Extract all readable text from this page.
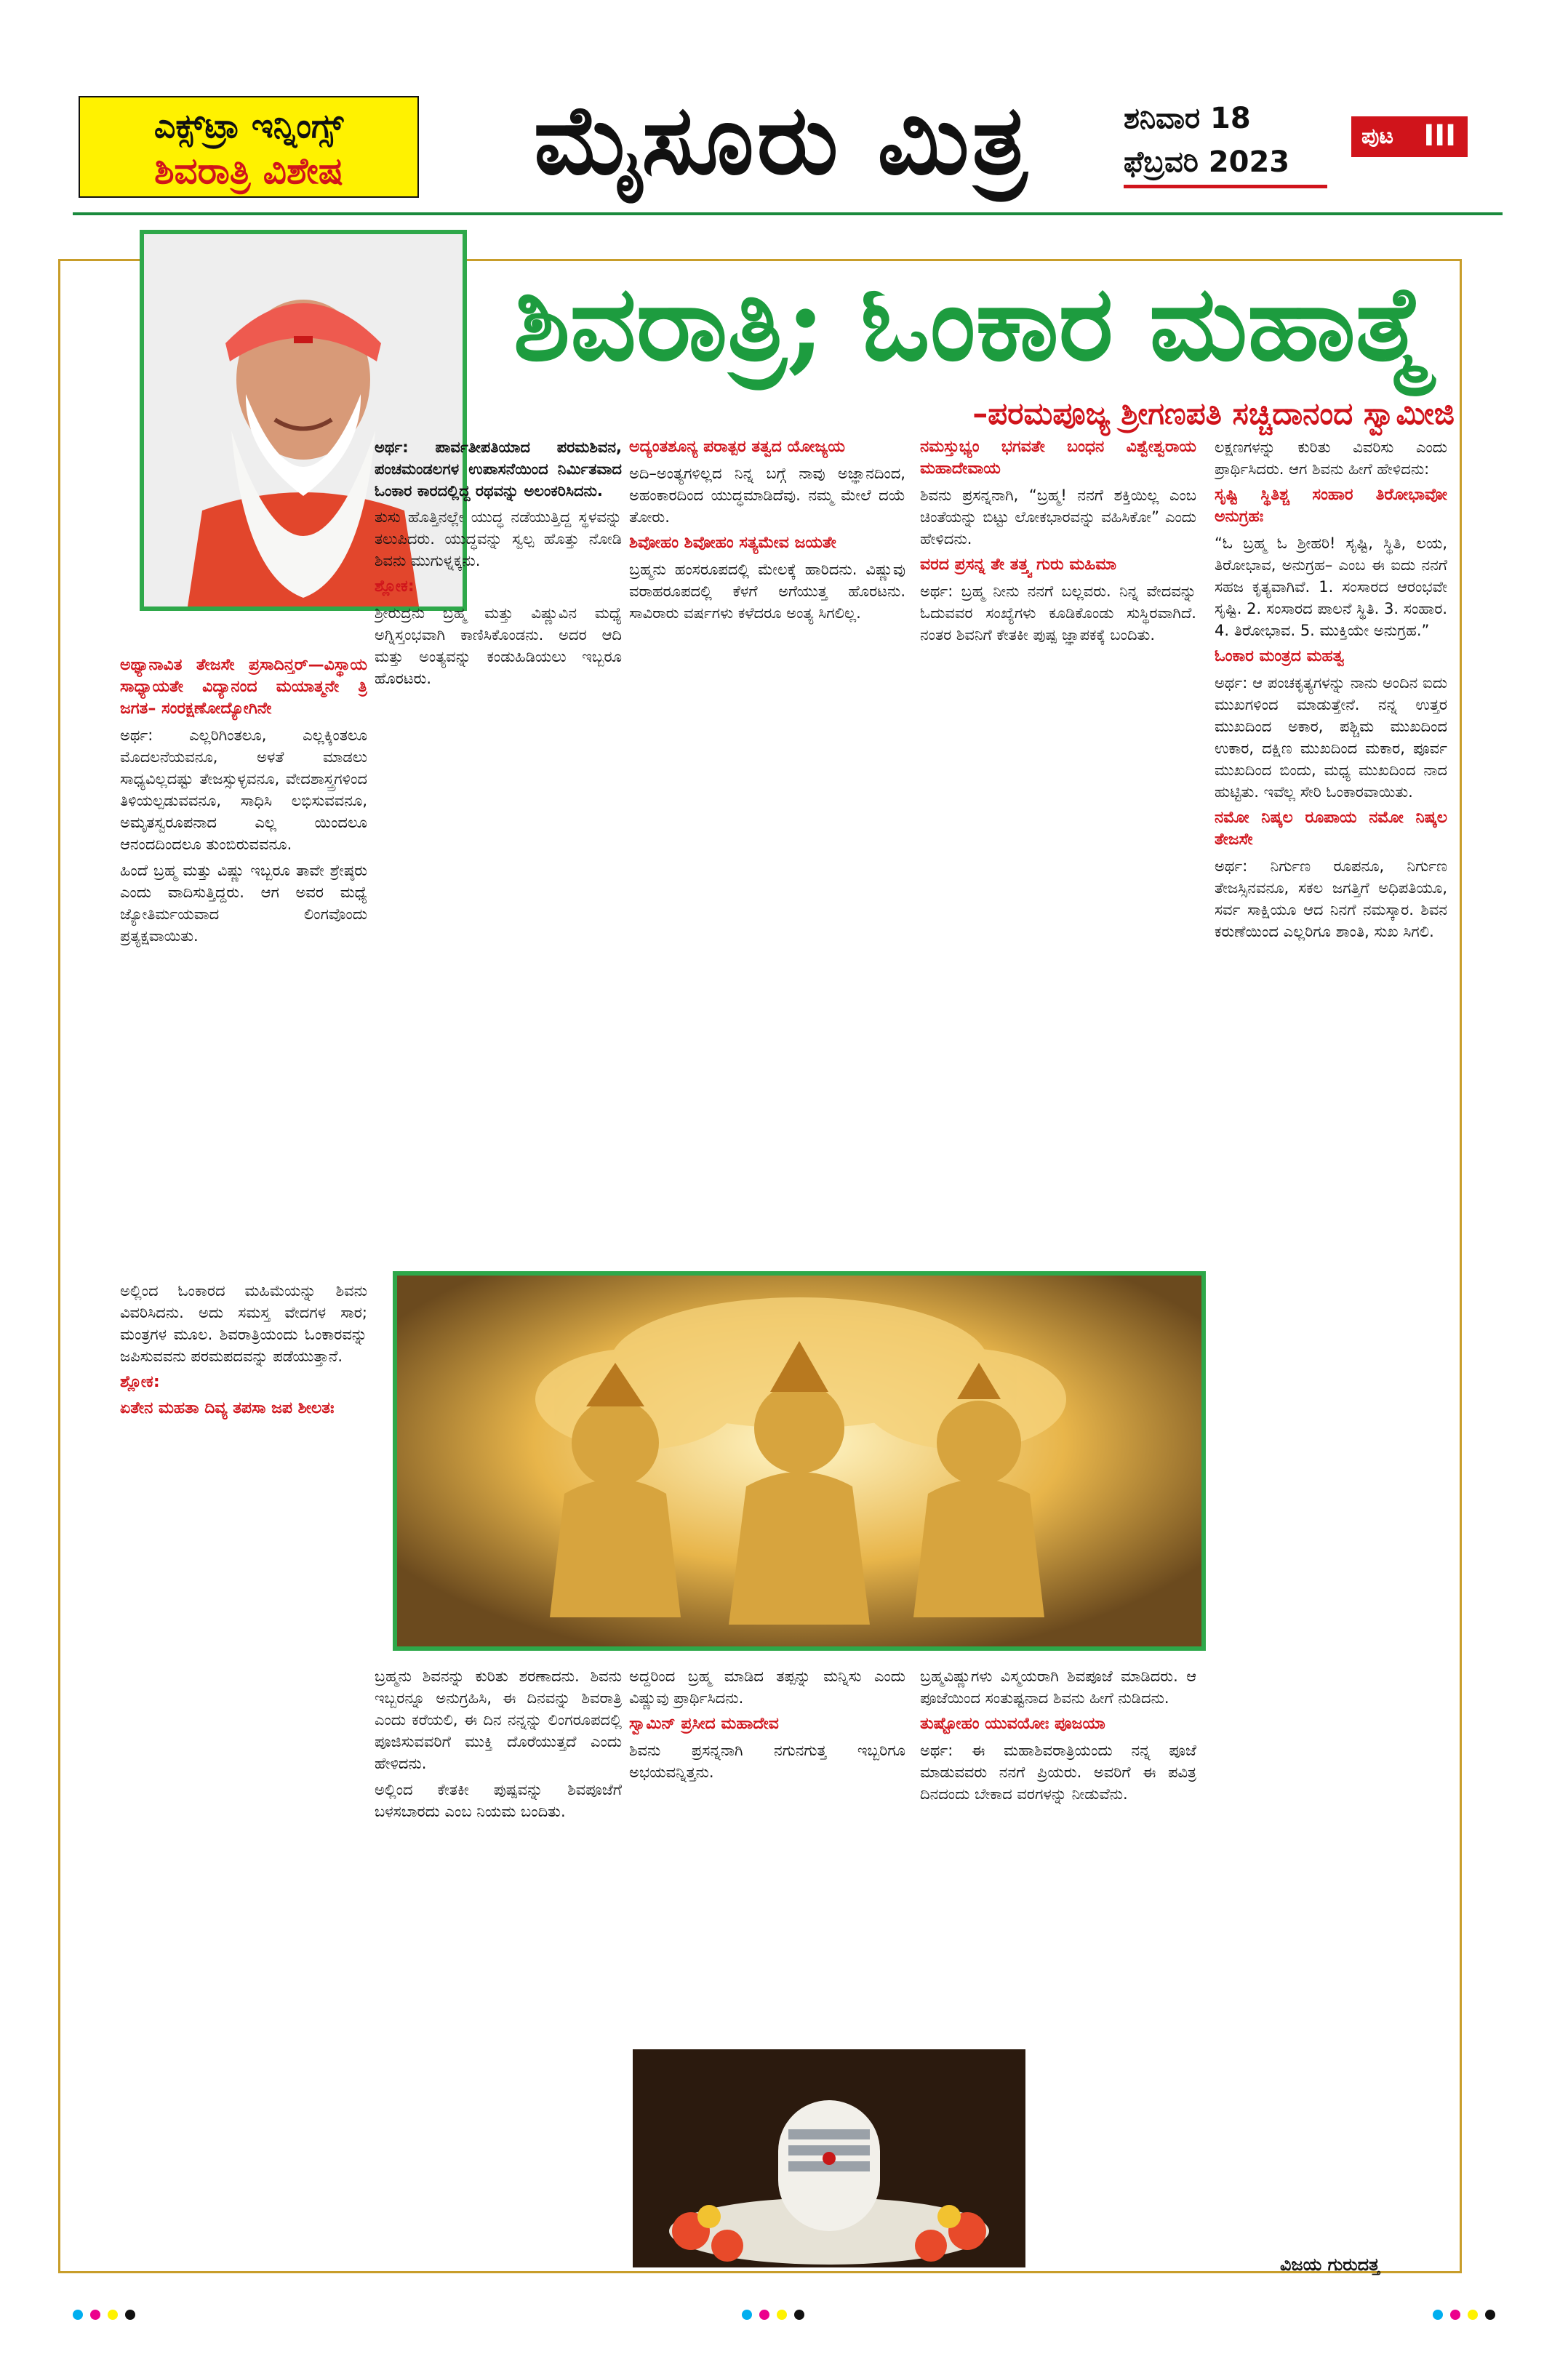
ಎಕ್ಸ್‌ಟ್ರಾ ಇನ್ನಿಂಗ್ಸ್
ಶಿವರಾತ್ರಿ ವಿಶೇಷ	ಮೈಸೂರು ಮಿತ್ರ	ಶನಿವಾರ 18
ಫೆಬ್ರವರಿ 2023
ಪುಟ III
ಶಿವರಾತ್ರಿ; ಓಂಕಾರ ಮಹಾತ್ಮೆ
–ಪರಮಪೂಜ್ಯ ಶ್ರೀಗಣಪತಿ ಸಚ್ಚಿದಾನಂದ ಸ್ವಾಮೀಜಿ

ಅಥ್ಯಾನಾವಿತ ತೇಜಸೇ ಪ್ರಸಾದಿನ್ತರ್—ವಿಸ್ಥಾಯ ಸಾಧ್ಯಾಯತೇ ವಿದ್ಯಾನಂದ ಮಯಾತ್ಮನೇ ತ್ರಿ ಜಗತ– ಸಂರಕ್ಷಣೋದ್ಯೋಗಿನೇ

ಅರ್ಥ: ಎಲ್ಲರಿಗಿಂತಲೂ, ಎಲ್ಲಕ್ಕಿಂತಲೂ ಮೊದಲನೆಯವನೂ, ಅಳತೆ ಮಾಡಲು ಸಾಧ್ಯವಿಲ್ಲದಷ್ಟು ತೇಜಸ್ಸುಳ್ಳವನೂ, ವೇದಶಾಸ್ತ್ರಗಳಿಂದ ತಿಳಿಯಲ್ಪಡುವವನೂ, ಸಾಧಿಸಿ ಲಭಿಸುವವನೂ, ಅಮೃತಸ್ವರೂಪನಾದ ಎಲ್ಲ ಯಿಂದಲೂ ಆನಂದದಿಂದಲೂ ತುಂಬಿರುವವನೂ.

ಹಿಂದೆ ಬ್ರಹ್ಮ ಮತ್ತು ವಿಷ್ಣು ಇಬ್ಬರೂ ತಾವೇ ಶ್ರೇಷ್ಠರು ಎಂದು ವಾದಿಸುತ್ತಿದ್ದರು. ಆಗ ಅವರ ಮಧ್ಯೆ ಜ್ಯೋತಿರ್ಮಯವಾದ ಲಿಂಗವೊಂದು ಪ್ರತ್ಯಕ್ಷವಾಯಿತು.

ಅರ್ಥ: ಪಾರ್ವತೀಪತಿಯಾದ ಪರಮಶಿವನ, ಪಂಚಮಂಡಲಗಳ ಉಪಾಸನೆಯಿಂದ ನಿರ್ಮಿತವಾದ ಓಂಕಾರ ಕಾರದಲ್ಲಿದ್ದ ರಥವನ್ನು ಅಲಂಕರಿಸಿದನು.

ತುಸು ಹೊತ್ತಿನಲ್ಲೇ ಯುದ್ಧ ನಡೆಯುತ್ತಿದ್ದ ಸ್ಥಳವನ್ನು ತಲುಪಿದರು. ಯುದ್ಧವನ್ನು ಸ್ವಲ್ಪ ಹೊತ್ತು ನೋಡಿ ಶಿವನು ಮುಗುಳ್ನಕ್ಕನು.

ಶ್ಲೋಕ:

ಶ್ರೀರುದ್ರನು ಬ್ರಹ್ಮ ಮತ್ತು ವಿಷ್ಣುವಿನ ಮಧ್ಯೆ ಅಗ್ನಿಸ್ತಂಭವಾಗಿ ಕಾಣಿಸಿಕೊಂಡನು. ಅದರ ಆದಿ ಮತ್ತು ಅಂತ್ಯವನ್ನು ಕಂಡುಹಿಡಿಯಲು ಇಬ್ಬರೂ ಹೊರಟರು.

ಅದ್ಯಂತಶೂನ್ಯ ಪರಾತ್ಪರ ತತ್ವದ ಯೋಜ್ಯಯ

ಅದಿ–ಅಂತ್ಯಗಳಿಲ್ಲದ ನಿನ್ನ ಬಗ್ಗೆ ನಾವು ಅಜ್ಞಾನದಿಂದ, ಅಹಂಕಾರದಿಂದ ಯುದ್ಧಮಾಡಿದೆವು. ನಮ್ಮ ಮೇಲೆ ದಯೆ ತೋರು.

ಶಿವೋಹಂ ಶಿವೋಹಂ ಸತ್ಯಮೇವ ಜಯತೇ

ಬ್ರಹ್ಮನು ಹಂಸರೂಪದಲ್ಲಿ ಮೇಲಕ್ಕೆ ಹಾರಿದನು. ವಿಷ್ಣುವು ವರಾಹರೂಪದಲ್ಲಿ ಕೆಳಗೆ ಅಗೆಯುತ್ತ ಹೊರಟನು. ಸಾವಿರಾರು ವರ್ಷಗಳು ಕಳೆದರೂ ಅಂತ್ಯ ಸಿಗಲಿಲ್ಲ.

ನಮಸ್ತುಭ್ಯಂ ಭಗವತೇ ಬಂಧನ ವಿಶ್ವೇಶ್ವರಾಯ ಮಹಾದೇವಾಯ

ಶಿವನು ಪ್ರಸನ್ನನಾಗಿ, “ಬ್ರಹ್ಮ! ನನಗೆ ಶಕ್ತಿಯಿಲ್ಲ ಎಂಬ ಚಿಂತೆಯನ್ನು ಬಿಟ್ಟು ಲೋಕಭಾರವನ್ನು ವಹಿಸಿಕೋ” ಎಂದು ಹೇಳಿದನು.

ವರದ ಪ್ರಸನ್ನ ತೇ ತತ್ತ್ವ ಗುರು ಮಹಿಮಾ

ಅರ್ಥ: ಬ್ರಹ್ಮ ನೀನು ನನಗೆ ಬಲ್ಲವರು. ನಿನ್ನ ವೇದವನ್ನು ಓದುವವರ ಸಂಖ್ಯೆಗಳು ಕೂಡಿಕೊಂಡು ಸುಸ್ಥಿರವಾಗಿದೆ. ನಂತರ ಶಿವನಿಗೆ ಕೇತಕೀ ಪುಷ್ಪ ಜ್ಞಾಪಕಕ್ಕೆ ಬಂದಿತು.

ಲಕ್ಷಣಗಳನ್ನು ಕುರಿತು ವಿವರಿಸು ಎಂದು ಪ್ರಾರ್ಥಿಸಿದರು. ಆಗ ಶಿವನು ಹೀಗೆ ಹೇಳಿದನು:

ಸೃಷ್ಟಿ ಸ್ಥಿತಿಶ್ಚ ಸಂಹಾರ ತಿರೋಭಾವೋ ಅನುಗ್ರಹಃ

“ಓ ಬ್ರಹ್ಮ ಓ ಶ್ರೀಹರಿ! ಸೃಷ್ಟಿ, ಸ್ಥಿತಿ, ಲಯ, ತಿರೋಭಾವ, ಅನುಗ್ರಹ– ಎಂಬ ಈ ಐದು ನನಗೆ ಸಹಜ ಕೃತ್ಯವಾಗಿವೆ. 1. ಸಂಸಾರದ ಆರಂಭವೇ ಸೃಷ್ಟಿ. 2. ಸಂಸಾರದ ಪಾಲನೆ ಸ್ಥಿತಿ. 3. ಸಂಹಾರ. 4. ತಿರೋಭಾವ. 5. ಮುಕ್ತಿಯೇ ಅನುಗ್ರಹ.”

ಓಂಕಾರ ಮಂತ್ರದ ಮಹತ್ವ

ಅರ್ಥ: ಆ ಪಂಚಕೃತ್ಯಗಳನ್ನು ನಾನು ಅಂದಿನ ಐದು ಮುಖಗಳಿಂದ ಮಾಡುತ್ತೇನೆ. ನನ್ನ ಉತ್ತರ ಮುಖದಿಂದ ಅಕಾರ, ಪಶ್ಚಿಮ ಮುಖದಿಂದ ಉಕಾರ, ದಕ್ಷಿಣ ಮುಖದಿಂದ ಮಕಾರ, ಪೂರ್ವ ಮುಖದಿಂದ ಬಿಂದು, ಮಧ್ಯ ಮುಖದಿಂದ ನಾದ ಹುಟ್ಟಿತು. ಇವೆಲ್ಲ ಸೇರಿ ಓಂಕಾರವಾಯಿತು.

ನಮೋ ನಿಷ್ಕಲ ರೂಪಾಯ ನಮೋ ನಿಷ್ಕಲ ತೇಜಸೇ

ಅರ್ಥ: ನಿರ್ಗುಣ ರೂಪನೂ, ನಿರ್ಗುಣ ತೇಜಸ್ಸಿನವನೂ, ಸಕಲ ಜಗತ್ತಿಗೆ ಅಧಿಪತಿಯೂ, ಸರ್ವ ಸಾಕ್ಷಿಯೂ ಆದ ನಿನಗೆ ನಮಸ್ಕಾರ. ಶಿವನ ಕರುಣೆಯಿಂದ ಎಲ್ಲರಿಗೂ ಶಾಂತಿ, ಸುಖ ಸಿಗಲಿ.

ಅಲ್ಲಿಂದ ಓಂಕಾರದ ಮಹಿಮೆಯನ್ನು ಶಿವನು ವಿವರಿಸಿದನು. ಅದು ಸಮಸ್ತ ವೇದಗಳ ಸಾರ; ಮಂತ್ರಗಳ ಮೂಲ. ಶಿವರಾತ್ರಿಯಂದು ಓಂಕಾರವನ್ನು ಜಪಿಸುವವನು ಪರಮಪದವನ್ನು ಪಡೆಯುತ್ತಾನೆ.

ಶ್ಲೋಕ:

ಏತೇನ ಮಹತಾ ದಿವ್ಯ ತಪಸಾ ಜಪ ಶೀಲತಃ

ಬ್ರಹ್ಮನು ಶಿವನನ್ನು ಕುರಿತು ಶರಣಾದನು. ಶಿವನು ಇಬ್ಬರನ್ನೂ ಅನುಗ್ರಹಿಸಿ, ಈ ದಿನವನ್ನು ಶಿವರಾತ್ರಿ ಎಂದು ಕರೆಯಲಿ, ಈ ದಿನ ನನ್ನನ್ನು ಲಿಂಗರೂಪದಲ್ಲಿ ಪೂಜಿಸುವವರಿಗೆ ಮುಕ್ತಿ ದೊರೆಯುತ್ತದೆ ಎಂದು ಹೇಳಿದನು.

ಅಲ್ಲಿಂದ ಕೇತಕೀ ಪುಷ್ಪವನ್ನು ಶಿವಪೂಜೆಗೆ ಬಳಸಬಾರದು ಎಂಬ ನಿಯಮ ಬಂದಿತು.

ಅದ್ದರಿಂದ ಬ್ರಹ್ಮ ಮಾಡಿದ ತಪ್ಪನ್ನು ಮನ್ನಿಸು ಎಂದು ವಿಷ್ಣುವು ಪ್ರಾರ್ಥಿಸಿದನು.

ಸ್ವಾಮಿನ್ ಪ್ರಸೀದ ಮಹಾದೇವ

ಶಿವನು ಪ್ರಸನ್ನನಾಗಿ ನಗುನಗುತ್ತ ಇಬ್ಬರಿಗೂ ಅಭಯವನ್ನಿತ್ತನು.

ಬ್ರಹ್ಮವಿಷ್ಣುಗಳು ವಿಸ್ಮಯರಾಗಿ ಶಿವಪೂಜೆ ಮಾಡಿದರು. ಆ ಪೂಜೆಯಿಂದ ಸಂತುಷ್ಟನಾದ ಶಿವನು ಹೀಗೆ ನುಡಿದನು.

ತುಷ್ಟೋಹಂ ಯುವಯೋಃ ಪೂಜಯಾ

ಅರ್ಥ: ಈ ಮಹಾಶಿವರಾತ್ರಿಯಂದು ನನ್ನ ಪೂಜೆ ಮಾಡುವವರು ನನಗೆ ಪ್ರಿಯರು. ಅವರಿಗೆ ಈ ಪವಿತ್ರ ದಿನದಂದು ಬೇಕಾದ ವರಗಳನ್ನು ನೀಡುವೆನು.

ವಿಜಯ ಗುರುದತ್ತ
